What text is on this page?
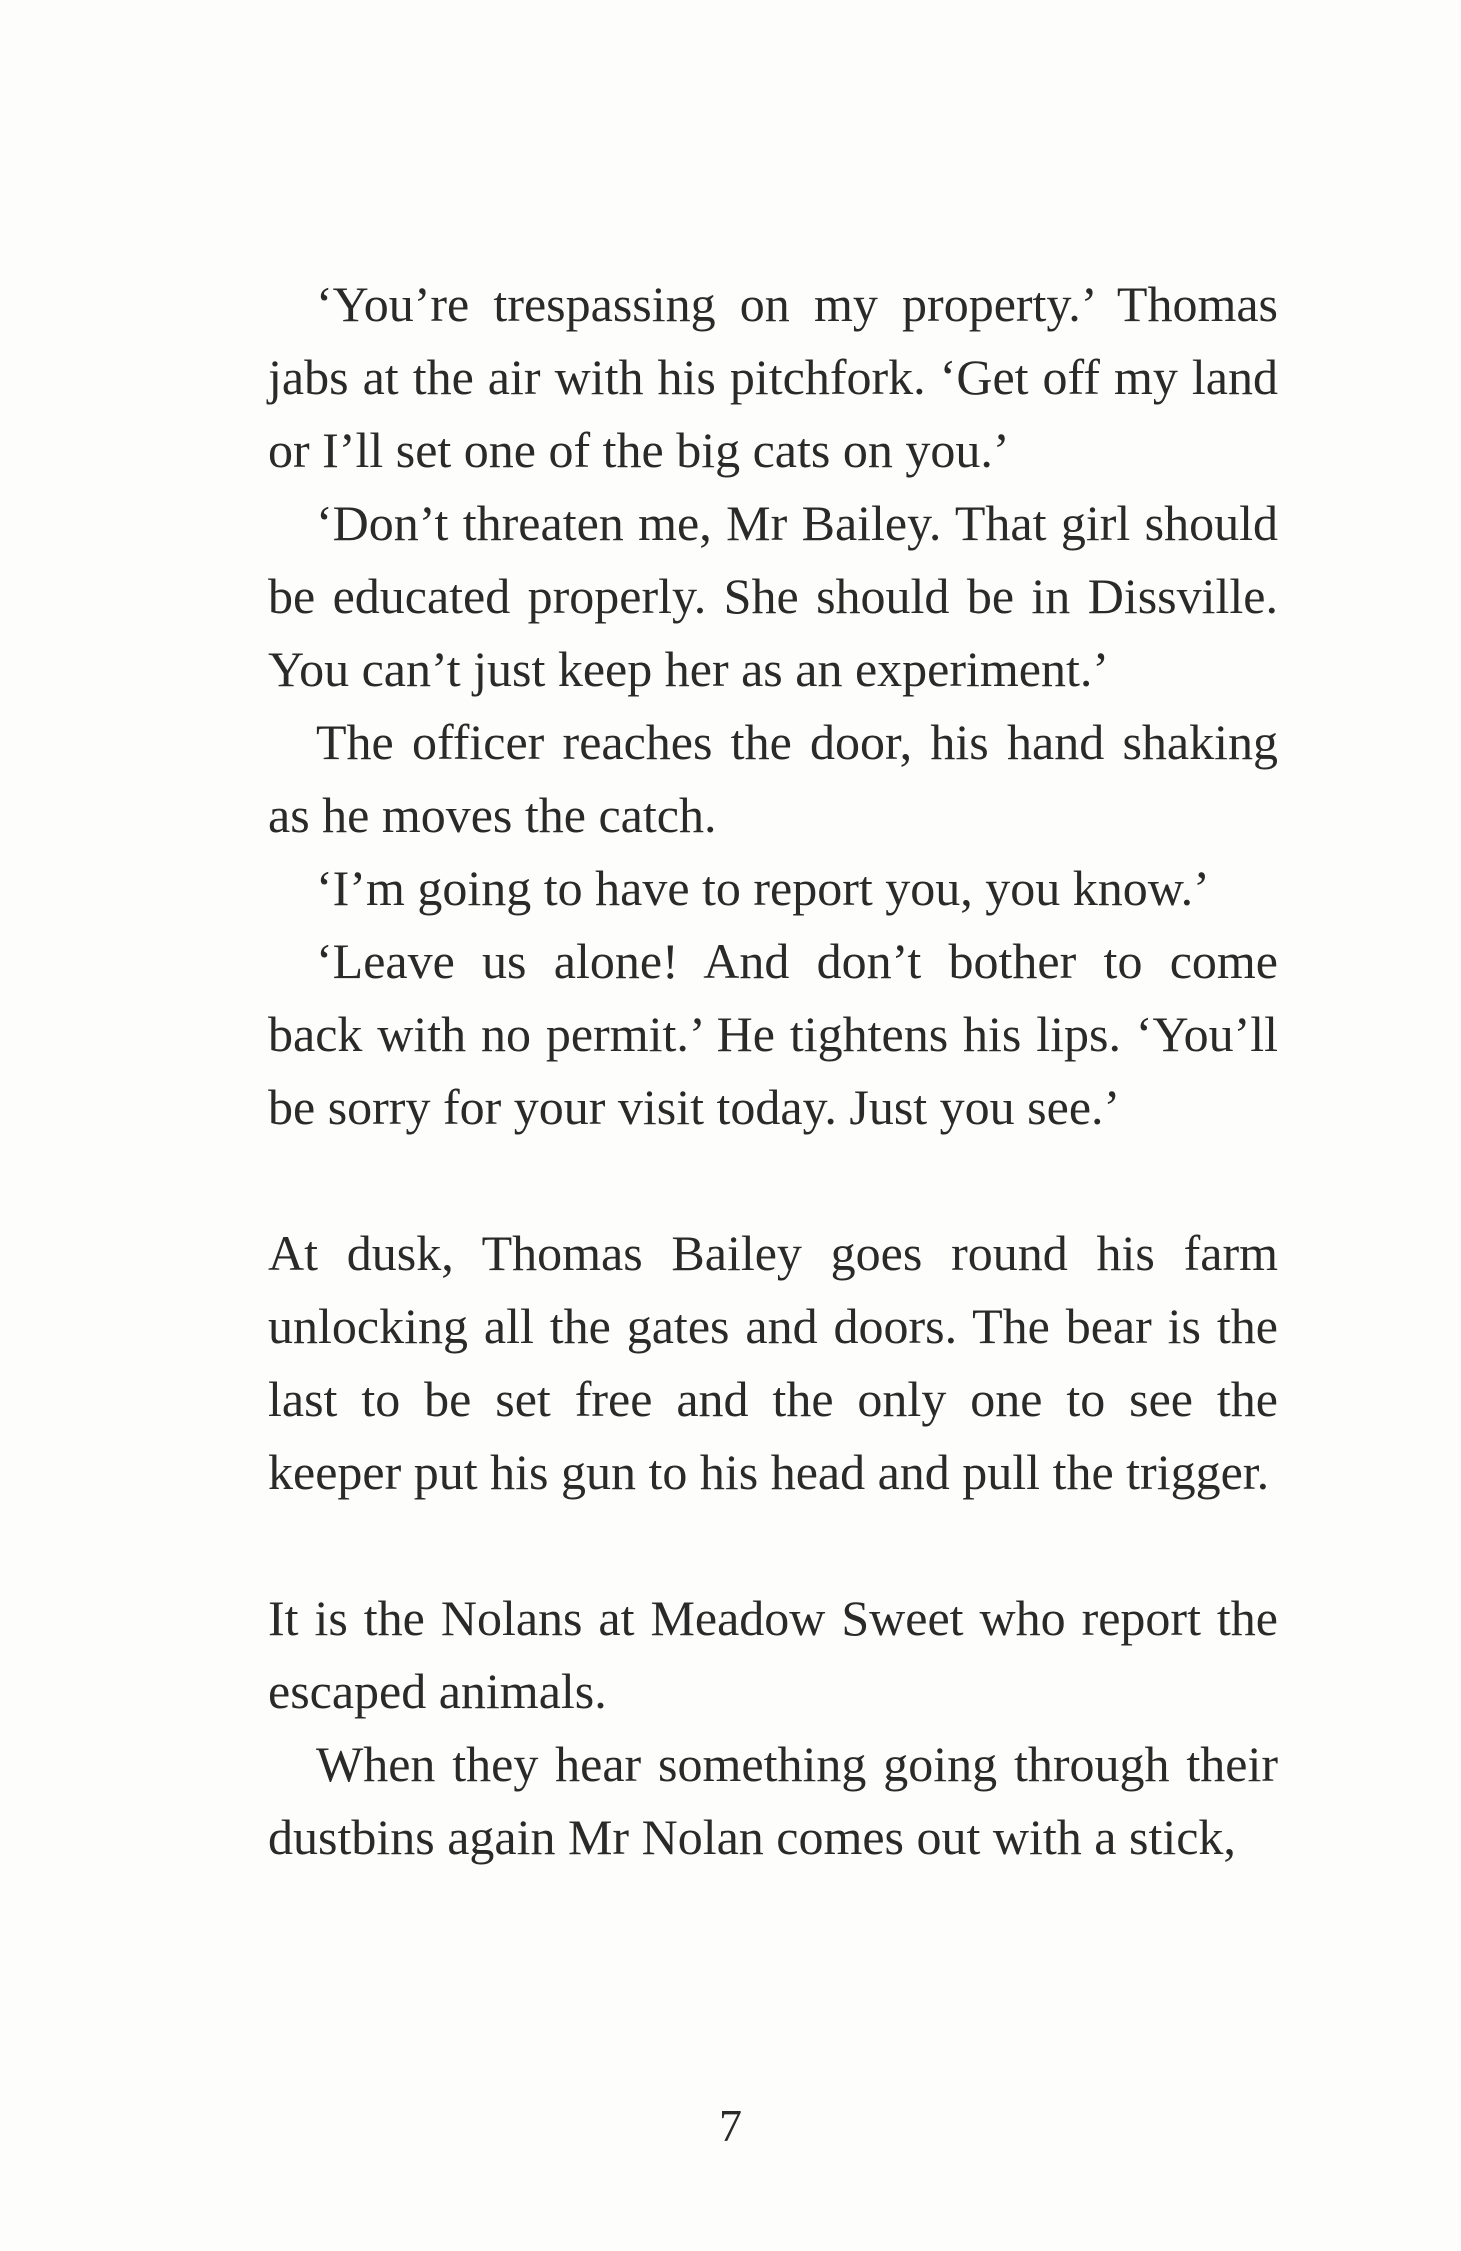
‘You’re trespassing on my property.’ Thomas jabs at the air with his pitchfork. ‘Get off my land or I’ll set one of the big cats on you.’

‘Don’t threaten me, Mr Bailey. That girl should be educated properly. She should be in Dissville. You can’t just keep her as an experiment.’

The officer reaches the door, his hand shaking as he moves the catch.

‘I’m going to have to report you, you know.’

‘Leave us alone! And don’t bother to come back with no permit.’ He tightens his lips. ‘You’ll be sorry for your visit today. Just you see.’

At dusk, Thomas Bailey goes round his farm unlocking all the gates and doors. The bear is the last to be set free and the only one to see the keeper put his gun to his head and pull the trigger.

It is the Nolans at Meadow Sweet who report the escaped animals.

When they hear something going through their dustbins again Mr Nolan comes out with a stick,

7
